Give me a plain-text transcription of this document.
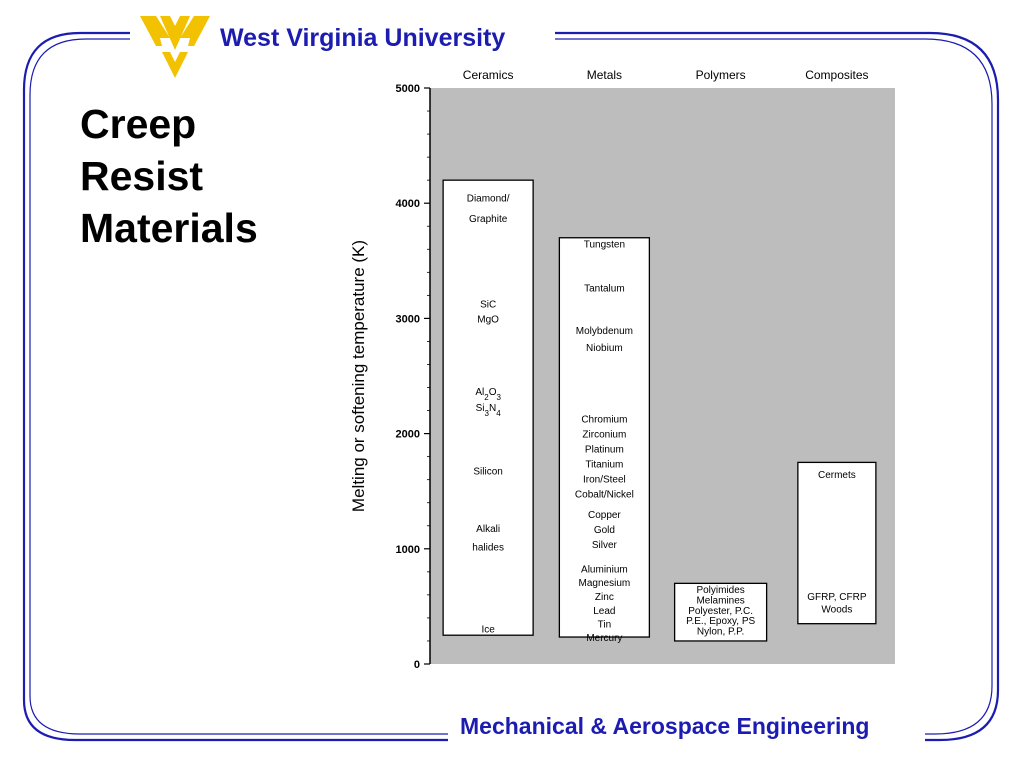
West Virginia University
Creep
Resist
Materials
0
1000
2000
3000
4000
5000
Melting or softening temperature (K)
Ceramics	Metals	Polymers	Composites
Diamond/
Graphite
SiC
MgO
$Al_2O_3$
$Si_3N_4$
Silicon
Alkali
halides
Ice
Tungsten
Tantalum
Molybdenum
Niobium
Chromium
Zirconium
Platinum
Titanium
Iron/Steel
Cobalt/Nickel
Copper
Gold
Silver
Aluminium
Magnesium
Zinc
Lead
Tin
Mercury
Polyimides
Melamines
Polyester, P.C.
P.E., Epoxy, PS
Nylon, P.P.
Cermets
GFRP, CFRP
Woods
Mechanical & Aerospace Engineering
